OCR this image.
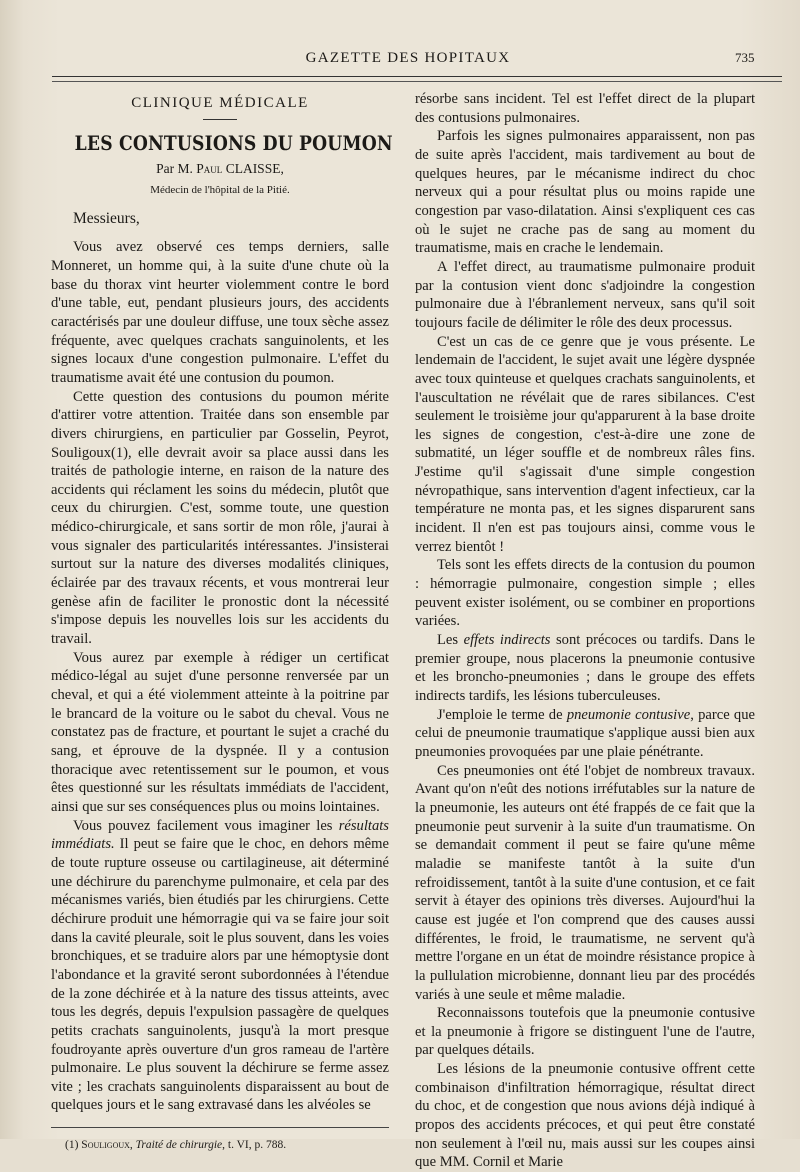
GAZETTE DES HOPITAUX	735
CLINIQUE MÉDICALE
LES CONTUSIONS DU POUMON
Par M. Paul CLAISSE,
Médecin de l'hôpital de la Pitié.
Messieurs,

Vous avez observé ces temps derniers, salle Monneret, un homme qui, à la suite d'une chute où la base du thorax vint heurter violemment contre le bord d'une table, eut, pendant plusieurs jours, des accidents caractérisés par une douleur diffuse, une toux sèche assez fréquente, avec quelques crachats sanguinolents, et les signes locaux d'une congestion pulmonaire. L'effet du traumatisme avait été une contusion du poumon.

Cette question des contusions du poumon mérite d'attirer votre attention. Traitée dans son ensemble par divers chirurgiens, en particulier par Gosselin, Peyrot, Souligoux(1), elle devrait avoir sa place aussi dans les traités de pathologie interne, en raison de la nature des accidents qui réclament les soins du médecin, plutôt que ceux du chirurgien. C'est, somme toute, une question médico-chirurgicale, et sans sortir de mon rôle, j'aurai à vous signaler des particularités intéressantes. J'insisterai surtout sur la nature des diverses modalités cliniques, éclairée par des travaux récents, et vous montrerai leur genèse afin de faciliter le pronostic dont la nécessité s'impose depuis les nouvelles lois sur les accidents du travail.

Vous aurez par exemple à rédiger un certificat médico-légal au sujet d'une personne renversée par un cheval, et qui a été violemment atteinte à la poitrine par le brancard de la voiture ou le sabot du cheval. Vous ne constatez pas de fracture, et pourtant le sujet a craché du sang, et éprouve de la dyspnée. Il y a contusion thoracique avec retentissement sur le poumon, et vous êtes questionné sur les résultats immédiats de l'accident, ainsi que sur ses conséquences plus ou moins lointaines.

Vous pouvez facilement vous imaginer les résultats immédiats. Il peut se faire que le choc, en dehors même de toute rupture osseuse ou cartilagineuse, ait déterminé une déchirure du parenchyme pulmonaire, et cela par des mécanismes variés, bien étudiés par les chirurgiens. Cette déchirure produit une hémorragie qui va se faire jour soit dans la cavité pleurale, soit le plus souvent, dans les voies bronchiques, et se traduire alors par une hémoptysie dont l'abondance et la gravité seront subordonnées à l'étendue de la zone déchirée et à la nature des tissus atteints, avec tous les degrés, depuis l'expulsion passagère de quelques petits crachats sanguinolents, jusqu'à la mort presque foudroyante après ouverture d'un gros rameau de l'artère pulmonaire. Le plus souvent la déchirure se ferme assez vite ; les crachats sanguinolents disparaissent au bout de quelques jours et le sang extravasé dans les alvéoles se

(1) Souligoux, Traité de chirurgie, t. VI, p. 788.

résorbe sans incident. Tel est l'effet direct de la plupart des contusions pulmonaires.

Parfois les signes pulmonaires apparaissent, non pas de suite après l'accident, mais tardivement au bout de quelques heures, par le mécanisme indirect du choc nerveux qui a pour résultat plus ou moins rapide une congestion par vaso-dilatation. Ainsi s'expliquent ces cas où le sujet ne crache pas de sang au moment du traumatisme, mais en crache le lendemain.

A l'effet direct, au traumatisme pulmonaire produit par la contusion vient donc s'adjoindre la congestion pulmonaire due à l'ébranlement nerveux, sans qu'il soit toujours facile de délimiter le rôle des deux processus.

C'est un cas de ce genre que je vous présente. Le lendemain de l'accident, le sujet avait une légère dyspnée avec toux quinteuse et quelques crachats sanguinolents, et l'auscultation ne révélait que de rares sibilances. C'est seulement le troisième jour qu'apparurent à la base droite les signes de congestion, c'est-à-dire une zone de submatité, un léger souffle et de nombreux râles fins. J'estime qu'il s'agissait d'une simple congestion névropathique, sans intervention d'agent infectieux, car la température ne monta pas, et les signes disparurent sans incident. Il n'en est pas toujours ainsi, comme vous le verrez bientôt !

Tels sont les effets directs de la contusion du poumon : hémorragie pulmonaire, congestion simple ; elles peuvent exister isolément, ou se combiner en proportions variées.

Les effets indirects sont précoces ou tardifs. Dans le premier groupe, nous placerons la pneumonie contusive et les broncho-pneumonies ; dans le groupe des effets indirects tardifs, les lésions tuberculeuses.

J'emploie le terme de pneumonie contusive, parce que celui de pneumonie traumatique s'applique aussi bien aux pneumonies provoquées par une plaie pénétrante.

Ces pneumonies ont été l'objet de nombreux travaux. Avant qu'on n'eût des notions irréfutables sur la nature de la pneumonie, les auteurs ont été frappés de ce fait que la pneumonie peut survenir à la suite d'un traumatisme. On se demandait comment il peut se faire qu'une même maladie se manifeste tantôt à la suite d'un refroidissement, tantôt à la suite d'une contusion, et ce fait servit à étayer des opinions très diverses. Aujourd'hui la cause est jugée et l'on comprend que des causes aussi différentes, le froid, le traumatisme, ne servent qu'à mettre l'organe en un état de moindre résistance propice à la pullulation microbienne, donnant lieu par des procédés variés à une seule et même maladie.

Reconnaissons toutefois que la pneumonie contusive et la pneumonie à frigore se distinguent l'une de l'autre, par quelques détails.

Les lésions de la pneumonie contusive offrent cette combinaison d'infiltration hémorragique, résultat direct du choc, et de congestion que nous avions déjà indiqué à propos des accidents précoces, et qui peut être constaté non seulement à l'œil nu, mais aussi sur les coupes ainsi que MM. Cornil et Marie
